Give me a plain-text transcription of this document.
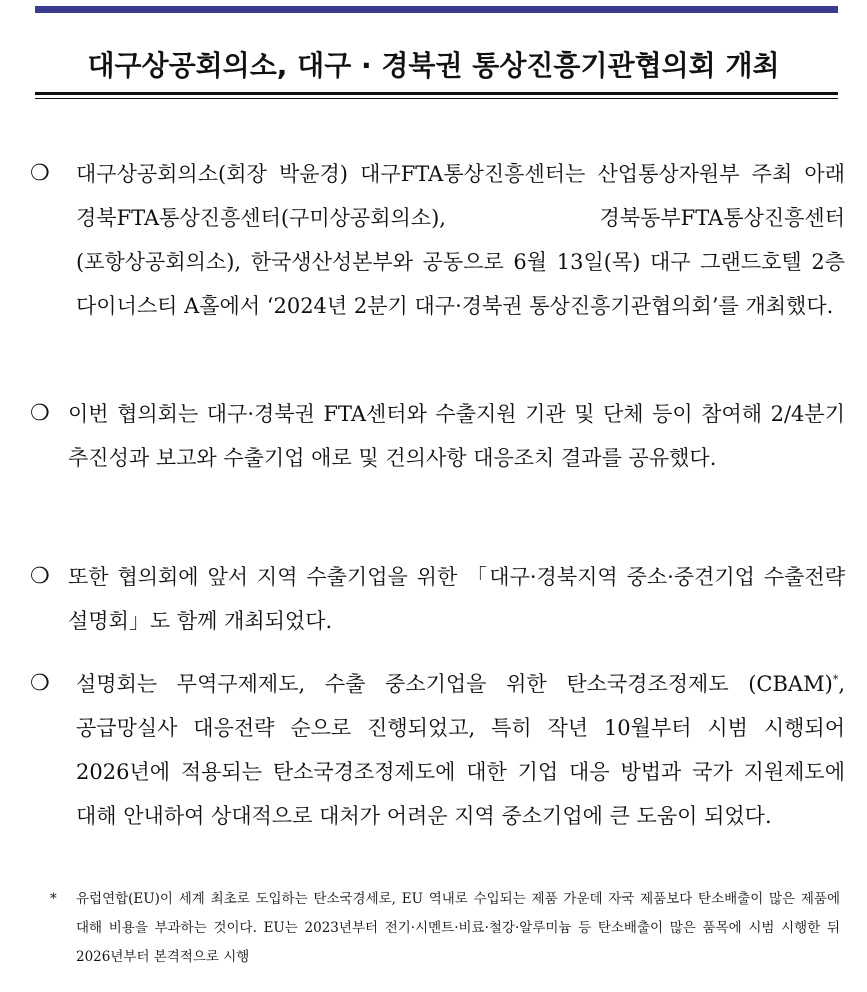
대구상공회의소, 대구 · 경북권 통상진흥기관협의회 개최
❍ 대구상공회의소(회장 박윤경) 대구FTA통상진흥센터는 산업통상자원부 주최 아래 경북FTA통상진흥센터(구미상공회의소), 경북동부FTA통상진흥센터(포항상공회의소), 한국생산성본부와 공동으로 6월 13일(목) 대구 그랜드호텔 2층 다이너스티 A홀에서 ‘2024년 2분기 대구·경북권 통상진흥기관협의회’를 개최했다.
❍ 이번 협의회는 대구·경북권 FTA센터와 수출지원 기관 및 단체 등이 참여해 2/4분기 추진성과 보고와 수출기업 애로 및 건의사항 대응조치 결과를 공유했다.
❍ 또한 협의회에 앞서 지역 수출기업을 위한 「대구·경북지역 중소·중견기업 수출전략 설명회」도 함께 개최되었다.
❍ 설명회는 무역구제제도, 수출 중소기업을 위한 탄소국경조정제도 (CBAM)*, 공급망실사 대응전략 순으로 진행되었고, 특히 작년 10월부터 시범 시행되어 2026년에 적용되는 탄소국경조정제도에 대한 기업 대응 방법과 국가 지원제도에 대해 안내하여 상대적으로 대처가 어려운 지역 중소기업에 큰 도움이 되었다.
* 유럽연합(EU)이 세계 최초로 도입하는 탄소국경세로, EU 역내로 수입되는 제품 가운데 자국 제품보다 탄소배출이 많은 제품에 대해 비용을 부과하는 것이다. EU는 2023년부터 전기·시멘트·비료·철강·알루미늄 등 탄소배출이 많은 품목에 시범 시행한 뒤 2026년부터 본격적으로 시행
